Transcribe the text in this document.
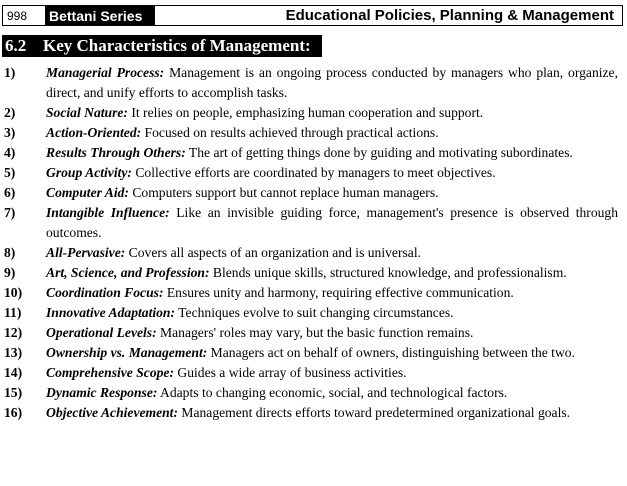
998	Bettani Series	Educational Policies, Planning & Management
6.2 Key Characteristics of Management:
1)	Managerial Process: Management is an ongoing process conducted by managers who plan, organize, direct, and unify efforts to accomplish tasks.
2)	Social Nature: It relies on people, emphasizing human cooperation and support.
3)	Action-Oriented: Focused on results achieved through practical actions.
4)	Results Through Others: The art of getting things done by guiding and motivating subordinates.
5)	Group Activity: Collective efforts are coordinated by managers to meet objectives.
6)	Computer Aid: Computers support but cannot replace human managers.
7)	Intangible Influence: Like an invisible guiding force, management's presence is observed through outcomes.
8)	All-Pervasive: Covers all aspects of an organization and is universal.
9)	Art, Science, and Profession: Blends unique skills, structured knowledge, and professionalism.
10)	Coordination Focus: Ensures unity and harmony, requiring effective communication.
11)	Innovative Adaptation: Techniques evolve to suit changing circumstances.
12)	Operational Levels: Managers' roles may vary, but the basic function remains.
13)	Ownership vs. Management: Managers act on behalf of owners, distinguishing between the two.
14)	Comprehensive Scope: Guides a wide array of business activities.
15)	Dynamic Response: Adapts to changing economic, social, and technological factors.
16)	Objective Achievement: Management directs efforts toward predetermined organizational goals.
